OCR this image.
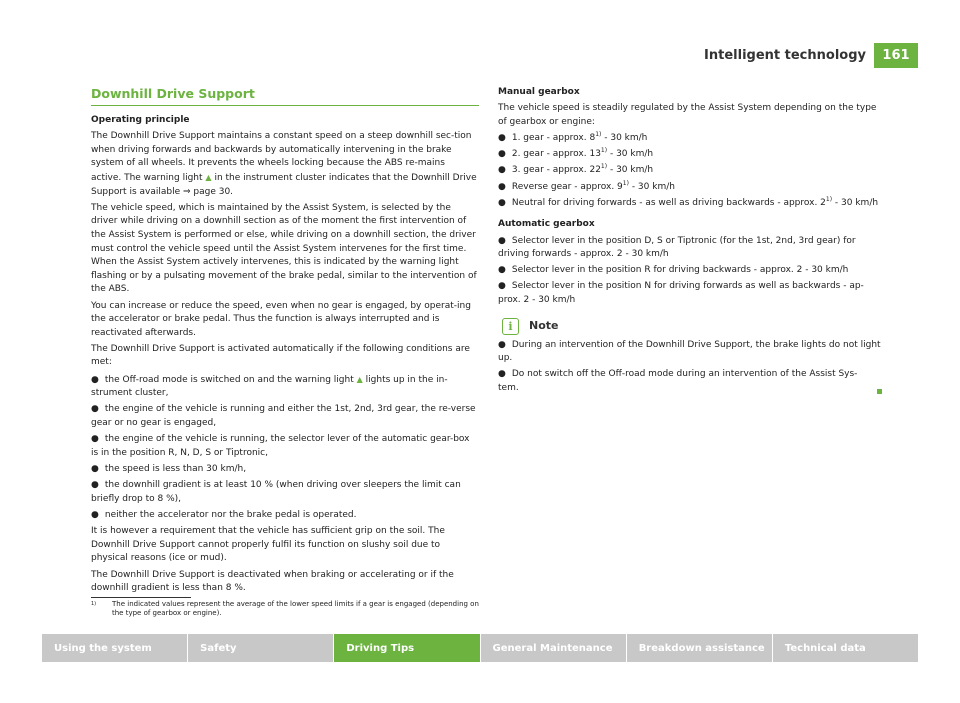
Intelligent technology	161
Downhill Drive Support

Operating principle

The Downhill Drive Support maintains a constant speed on a steep downhill sec-tion when driving forwards and backwards by automatically intervening in the brake system of all wheels. It prevents the wheels locking because the ABS re-mains active. The warning light ▲ in the instrument cluster indicates that the Downhill Drive Support is available ⇒ page 30.

The vehicle speed, which is maintained by the Assist System, is selected by the driver while driving on a downhill section as of the moment the first intervention of the Assist System is performed or else, while driving on a downhill section, the driver must control the vehicle speed until the Assist System intervenes for the first time. When the Assist System actively intervenes, this is indicated by the warning light flashing or by a pulsating movement of the brake pedal, similar to the intervention of the ABS.

You can increase or reduce the speed, even when no gear is engaged, by operat-ing the accelerator or brake pedal. Thus the function is always interrupted and is reactivated afterwards.

The Downhill Drive Support is activated automatically if the following conditions are met:

● the Off-road mode is switched on and the warning light ▲ lights up in the in-strument cluster,

● the engine of the vehicle is running and either the 1st, 2nd, 3rd gear, the re-verse gear or no gear is engaged,

● the engine of the vehicle is running, the selector lever of the automatic gear-box is in the position R, N, D, S or Tiptronic,

● the speed is less than 30 km/h,

● the downhill gradient is at least 10 % (when driving over sleepers the limit can briefly drop to 8 %),

● neither the accelerator nor the brake pedal is operated.

It is however a requirement that the vehicle has sufficient grip on the soil. The Downhill Drive Support cannot properly fulfil its function on slushy soil due to physical reasons (ice or mud).

The Downhill Drive Support is deactivated when braking or accelerating or if the downhill gradient is less than 8 %.

Manual gearbox

The vehicle speed is steadily regulated by the Assist System depending on the type of gearbox or engine:

● 1. gear - approx. 8$^{1)}$ - 30 km/h

● 2. gear - approx. 13$^{1)}$ - 30 km/h

● 3. gear - approx. 22$^{1)}$ - 30 km/h

● Reverse gear - approx. 9$^{1)}$ - 30 km/h

● Neutral for driving forwards - as well as driving backwards - approx. 2$^{1)}$ - 30 km/h

Automatic gearbox

● Selector lever in the position D, S or Tiptronic (for the 1st, 2nd, 3rd gear) for driving forwards - approx. 2 - 30 km/h

● Selector lever in the position R for driving backwards - approx. 2 - 30 km/h

● Selector lever in the position N for driving forwards as well as backwards - ap-prox. 2 - 30 km/h

i	Note

● During an intervention of the Downhill Drive Support, the brake lights do not light up.

● Do not switch off the Off-road mode during an intervention of the Assist Sys-tem.

1)	The indicated values represent the average of the lower speed limits if a gear is engaged (depending on the type of gearbox or engine).
Using the system	Safety	Driving Tips	General Maintenance	Breakdown assistance	Technical data
